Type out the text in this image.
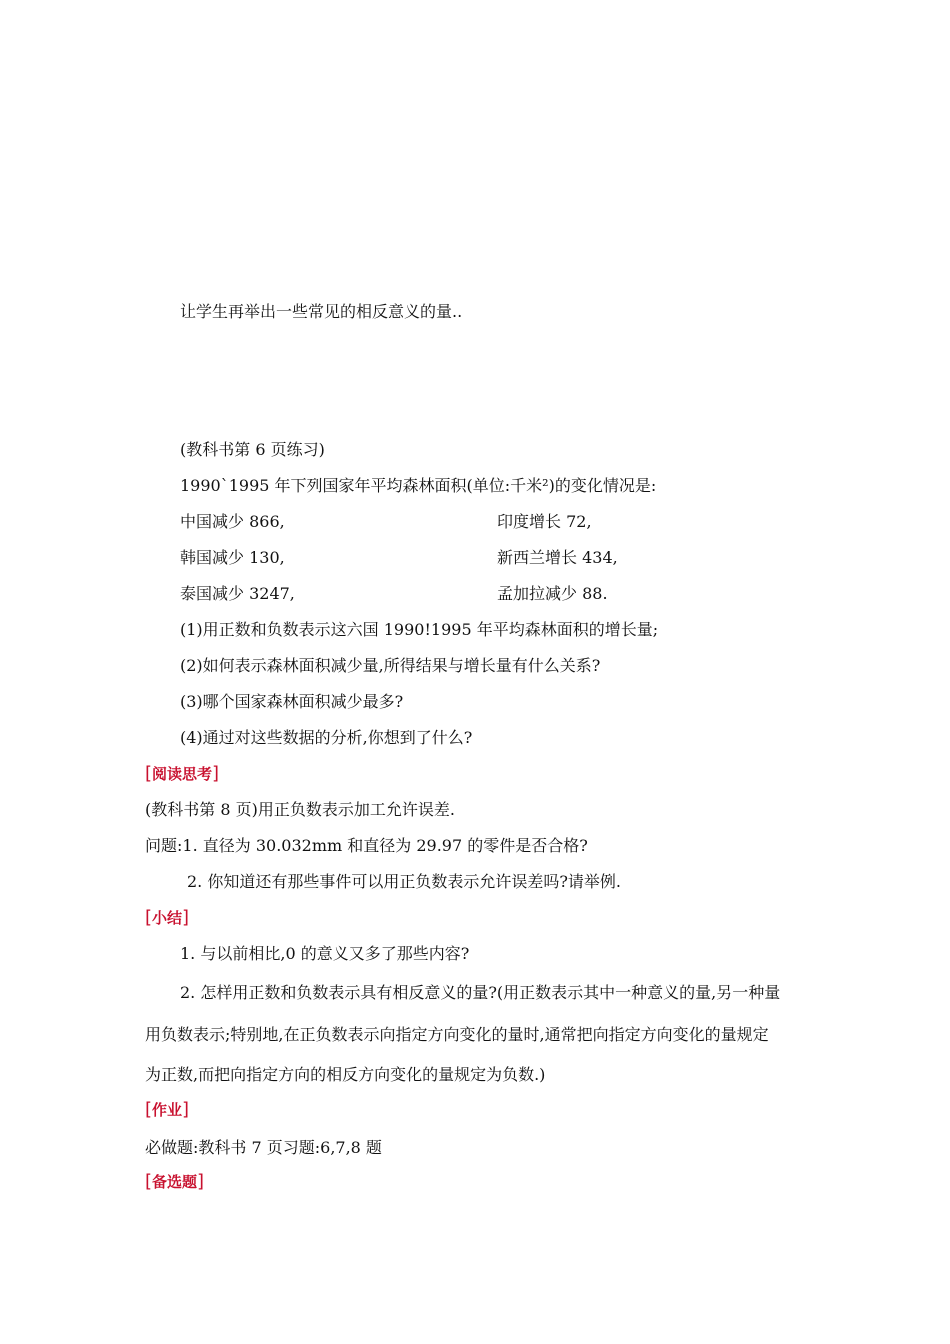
让学生再举出一些常见的相反意义的量..
(教科书第 6 页练习)
1990`1995 年下列国家年平均森林面积(单位:千米²)的变化情况是:
中国减少 866,	印度增长 72,
韩国减少 130,	新西兰增长 434,
泰国减少 3247,	孟加拉减少 88.
(1)用正数和负数表示这六国 1990!1995 年平均森林面积的增长量;
(2)如何表示森林面积减少量,所得结果与增长量有什么关系?
(3)哪个国家森林面积减少最多?
(4)通过对这些数据的分析,你想到了什么?
[阅读思考]
(教科书第 8 页)用正负数表示加工允许误差.
问题:1. 直径为 30.032mm 和直径为 29.97 的零件是否合格?
2. 你知道还有那些事件可以用正负数表示允许误差吗?请举例.
[小结]
1. 与以前相比,0 的意义又多了那些内容?
2. 怎样用正数和负数表示具有相反意义的量?(用正数表示其中一种意义的量,另一种量
用负数表示;特别地,在正负数表示向指定方向变化的量时,通常把向指定方向变化的量规定
为正数,而把向指定方向的相反方向变化的量规定为负数.)
[作业]
必做题:教科书 7 页习题:6,7,8 题
[备选题]
